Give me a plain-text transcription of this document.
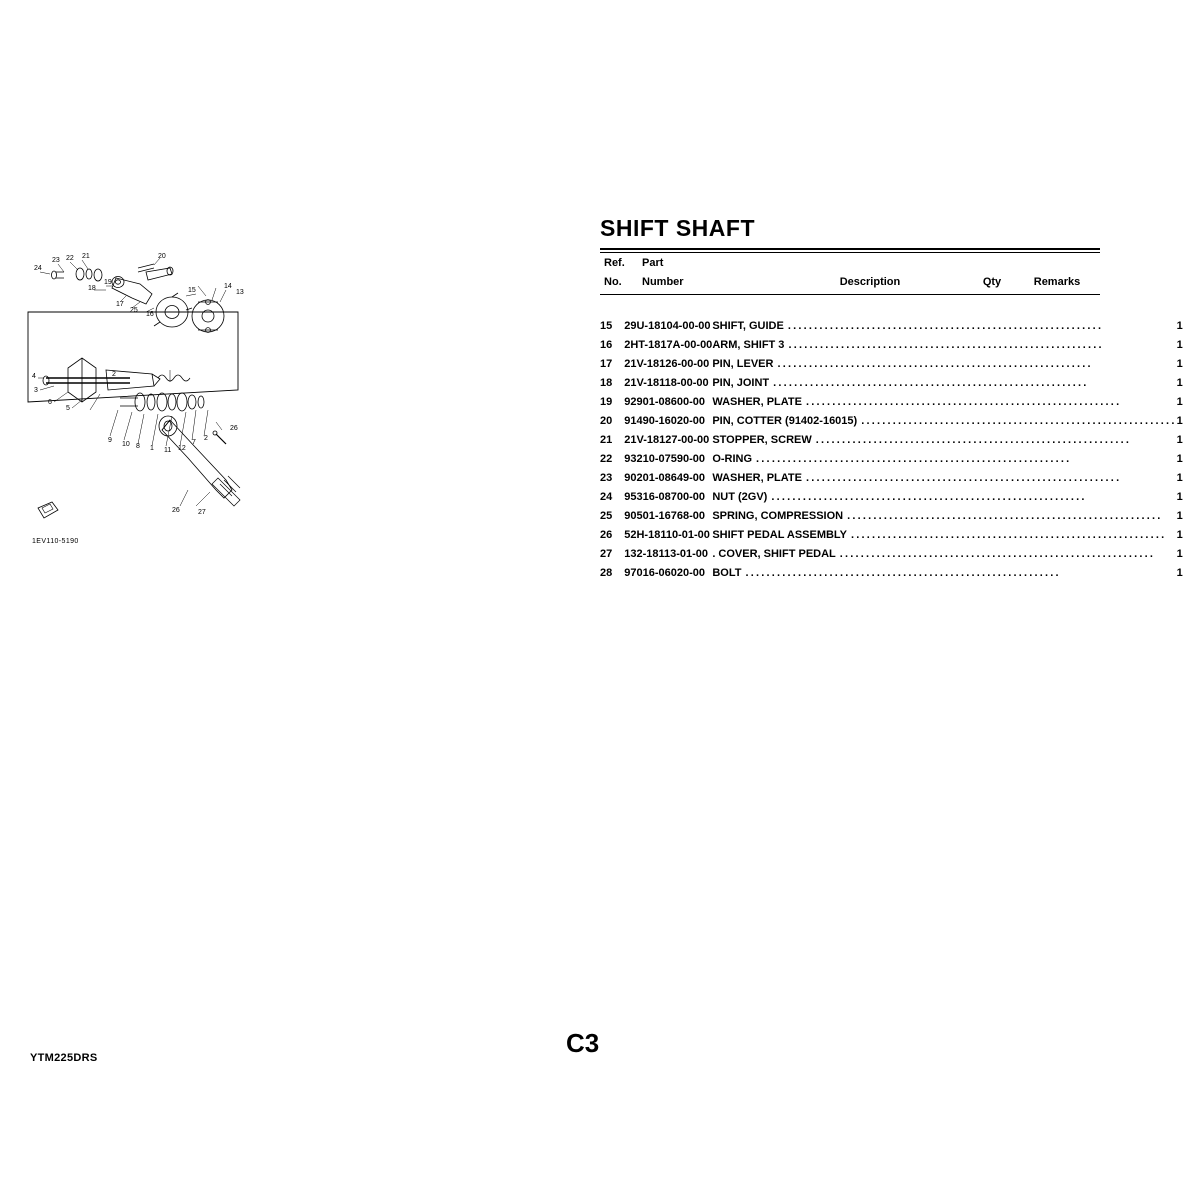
24
23 22 21	20
15
14
13
19
18
17
25
16
4
3
6
5
9
10 8 1 11 12
7
2
2
26
26	27
1EV110-5190
SHIFT SHAFT
Ref.	Part			
No.	Number	Description	Qty	Remarks

15	29U-18104-00-00	SHIFT, GUIDE ............................................................	1	
16	2HT-1817A-00-00	ARM, SHIFT 3 ............................................................	1	
17	21V-18126-00-00	PIN, LEVER ............................................................	1	
18	21V-18118-00-00	PIN, JOINT ............................................................	1	
19	92901-08600-00	WASHER, PLATE ............................................................	1	
20	91490-16020-00	PIN, COTTER (91402-16015) ............................................................	1	
21	21V-18127-00-00	STOPPER, SCREW ............................................................	1	
22	93210-07590-00	O-RING ............................................................	1	
23	90201-08649-00	WASHER, PLATE ............................................................	1	
24	95316-08700-00	NUT (2GV) ............................................................	1	
25	90501-16768-00	SPRING, COMPRESSION ............................................................	1	
26	52H-18110-01-00	SHIFT PEDAL ASSEMBLY ............................................................	1	
27	132-18113-01-00	. COVER, SHIFT PEDAL ............................................................	1	
28	97016-06020-00	BOLT ............................................................	1	
C3
YTM225DRS
